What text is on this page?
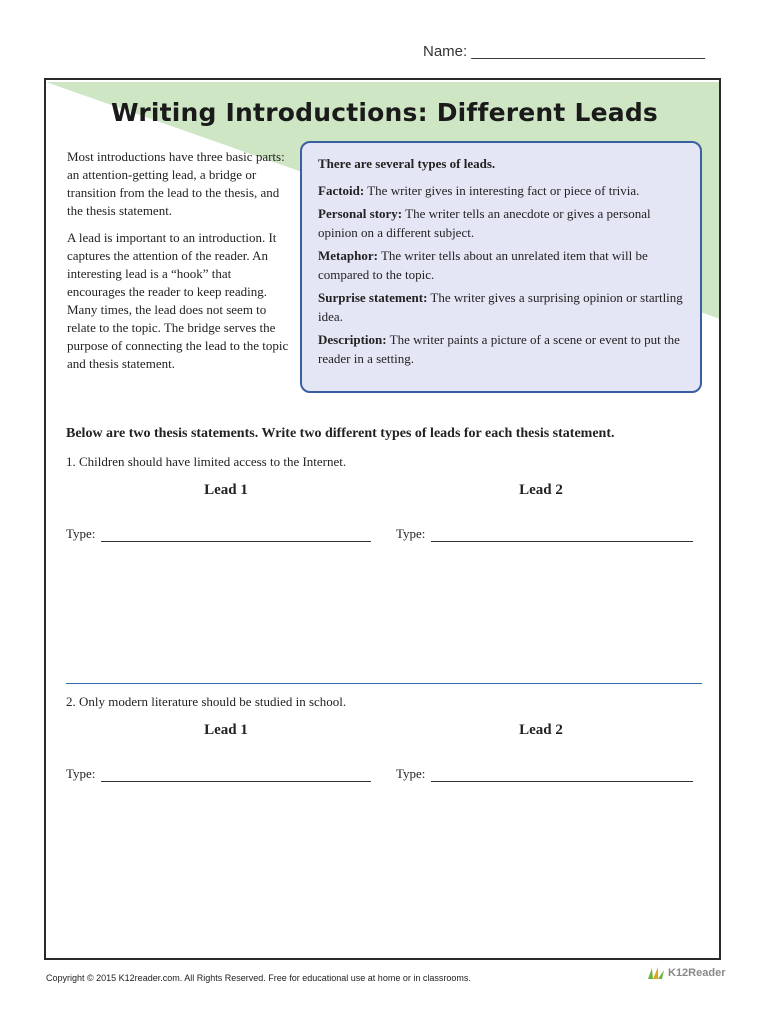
Name: ____________________________
Writing Introductions: Different Leads

Most introductions have three basic parts: an attention-getting lead, a bridge or transition from the lead to the thesis, and the thesis statement.

A lead is important to an introduction. It captures the attention of the reader. An interesting lead is a “hook” that encourages the reader to keep reading. Many times, the lead does not seem to relate to the topic. The bridge serves the purpose of connecting the lead to the topic and thesis statement.

There are several types of leads.
Factoid: The writer gives in interesting fact or piece of trivia.
Personal story: The writer tells an anecdote or gives a personal opinion on a different subject.
Metaphor: The writer tells about an unrelated item that will be compared to the topic.
Surprise statement: The writer gives a surprising opinion or startling idea.
Description: The writer paints a picture of a scene or event to put the reader in a setting.
Below are two thesis statements. Write two different types of leads for each thesis statement.
1. Children should have limited access to the Internet.
Lead 1	Lead 2
Type:	Type:
2. Only modern literature should be studied in school.
Lead 1	Lead 2
Type:	Type:
Copyright © 2015 K12reader.com. All Rights Reserved. Free for educational use at home or in classrooms.	K12Reader
